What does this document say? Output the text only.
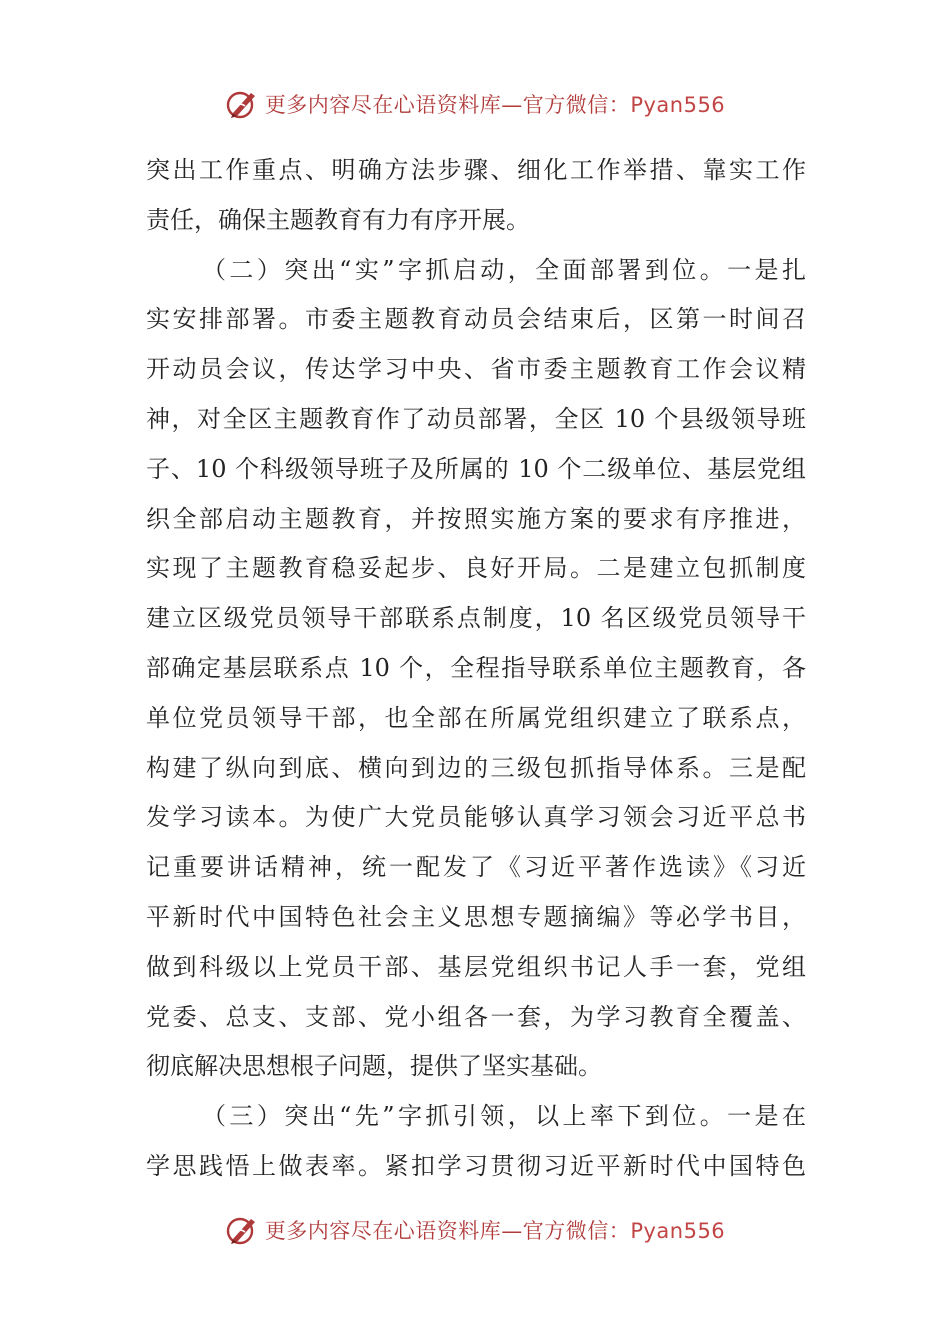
更多内容尽在心语资料库—官方微信：Pyan556
突出工作重点、明确方法步骤、细化工作举措、靠实工作
责任，确保主题教育有力有序开展。
（二）突出“实”字抓启动，全面部署到位。一是扎
实安排部署。市委主题教育动员会结束后，区第一时间召
开动员会议，传达学习中央、省市委主题教育工作会议精
神，对全区主题教育作了动员部署，全区 10 个县级领导班
子、10 个科级领导班子及所属的 10 个二级单位、基层党组
织全部启动主题教育，并按照实施方案的要求有序推进，
实现了主题教育稳妥起步、良好开局。二是建立包抓制度
建立区级党员领导干部联系点制度，10 名区级党员领导干
部确定基层联系点 10 个，全程指导联系单位主题教育，各
单位党员领导干部，也全部在所属党组织建立了联系点，
构建了纵向到底、横向到边的三级包抓指导体系。三是配
发学习读本。为使广大党员能够认真学习领会习近平总书
记重要讲话精神，统一配发了《习近平著作选读》《习近
平新时代中国特色社会主义思想专题摘编》等必学书目，
做到科级以上党员干部、基层党组织书记人手一套，党组
党委、总支、支部、党小组各一套，为学习教育全覆盖、
彻底解决思想根子问题，提供了坚实基础。
（三）突出“先”字抓引领，以上率下到位。一是在
学思践悟上做表率。紧扣学习贯彻习近平新时代中国特色
更多内容尽在心语资料库—官方微信：Pyan556
